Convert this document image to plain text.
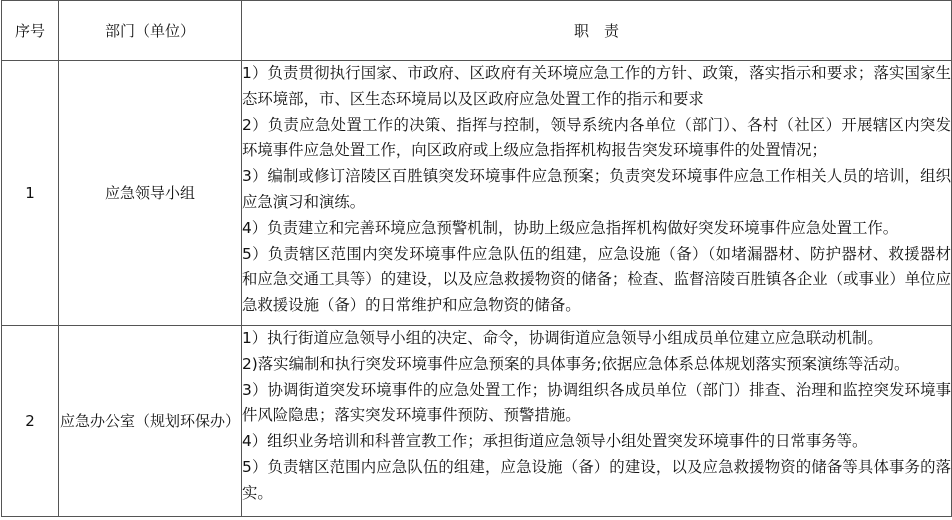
序号	部门（单位）	职　责
1	应急领导小组	1）负责贯彻执行国家、市政府、区政府有关环境应急工作的方针、政策，落实指示和要求；落实国家生态环境部，市、区生态环境局以及区政府应急处置工作的指示和要求

2）负责应急处置工作的决策、指挥与控制，领导系统内各单位（部门）、各村（社区）开展辖区内突发环境事件应急处置工作，向区政府或上级应急指挥机构报告突发环境事件的处置情况；

3）编制或修订涪陵区百胜镇突发环境事件应急预案；负责突发环境事件应急工作相关人员的培训，组织应急演习和演练。

4）负责建立和完善环境应急预警机制，协助上级应急指挥机构做好突发环境事件应急处置工作。

5）负责辖区范围内突发环境事件应急队伍的组建，应急设施（备）（如堵漏器材、防护器材、救援器材和应急交通工具等）的建设，以及应急救援物资的储备；检查、监督涪陵百胜镇各企业（或事业）单位应急救援设施（备）的日常维护和应急物资的储备。

2	应急办公室（规划环保办）	1）执行街道应急领导小组的决定、命令，协调街道应急领导小组成员单位建立应急联动机制。

2)落实编制和执行突发环境事件应急预案的具体事务;依据应急体系总体规划落实预案演练等活动。

3）协调街道突发环境事件的应急处置工作；协调组织各成员单位（部门）排查、治理和监控突发环境事件风险隐患；落实突发环境事件预防、预警措施。

4）组织业务培训和科普宣教工作；承担街道应急领导小组处置突发环境事件的日常事务等。

5）负责辖区范围内应急队伍的组建，应急设施（备）的建设，以及应急救援物资的储备等具体事务的落实。
